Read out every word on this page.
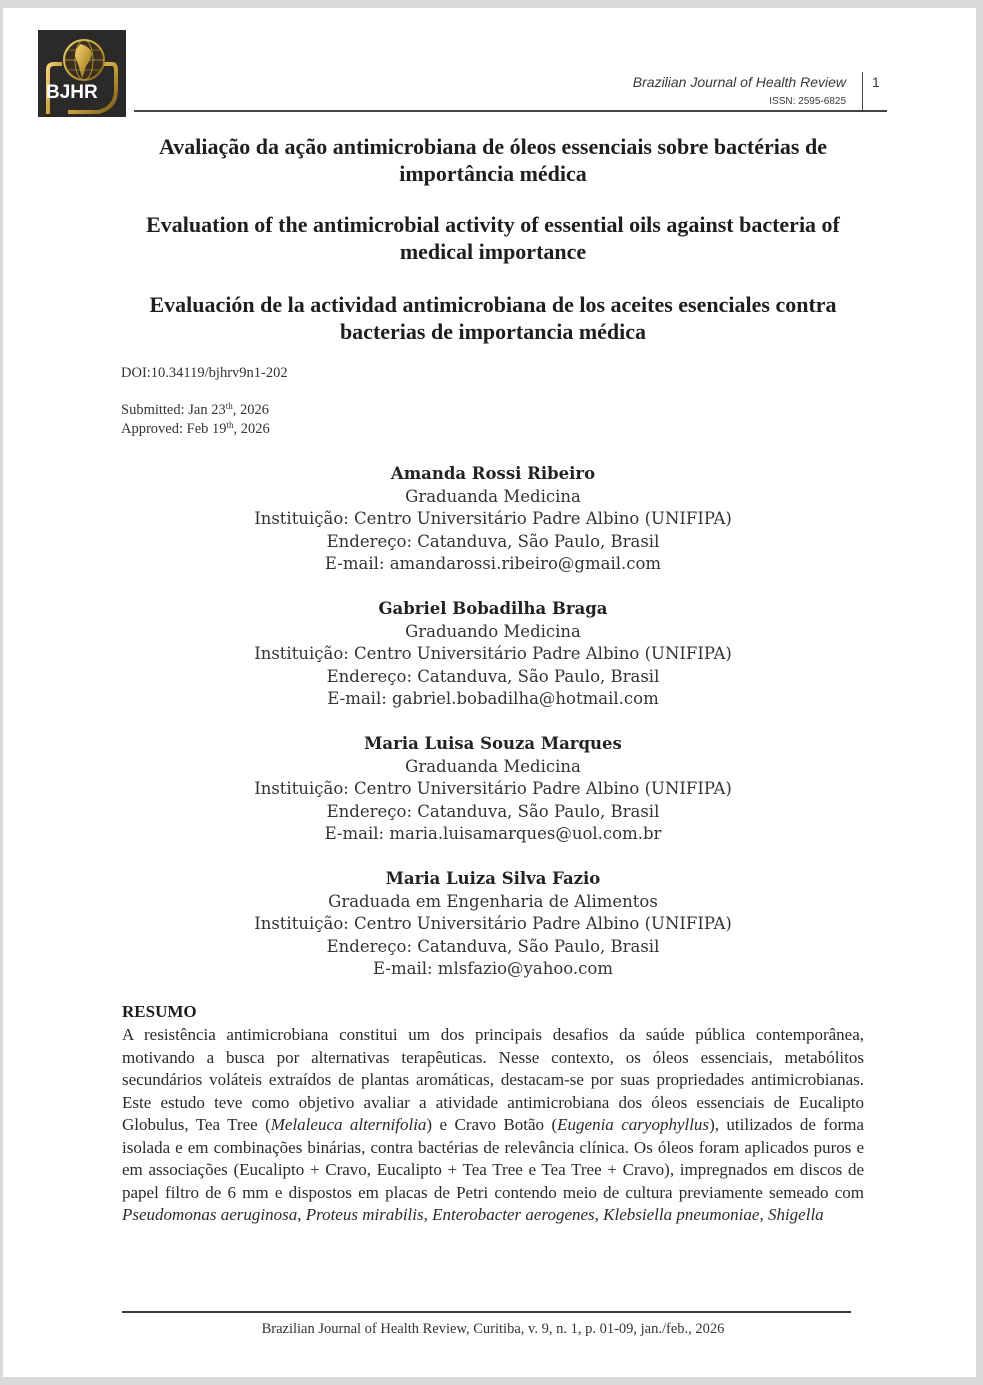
BJHR	Brazilian Journal of Health Review
ISSN: 2595-6825
1
Avaliação da ação antimicrobiana de óleos essenciais sobre bactérias de importância médica
Evaluation of the antimicrobial activity of essential oils against bacteria of medical importance
Evaluación de la actividad antimicrobiana de los aceites esenciales contra bacterias de importancia médica
DOI:10.34119/bjhrv9n1-202
Submitted: Jan 23th, 2026
Approved: Feb 19th, 2026
Amanda Rossi Ribeiro
Graduanda Medicina
Instituição: Centro Universitário Padre Albino (UNIFIPA)
Endereço: Catanduva, São Paulo, Brasil
E-mail: amandarossi.ribeiro@gmail.com
Gabriel Bobadilha Braga
Graduando Medicina
Instituição: Centro Universitário Padre Albino (UNIFIPA)
Endereço: Catanduva, São Paulo, Brasil
E-mail: gabriel.bobadilha@hotmail.com
Maria Luisa Souza Marques
Graduanda Medicina
Instituição: Centro Universitário Padre Albino (UNIFIPA)
Endereço: Catanduva, São Paulo, Brasil
E-mail: maria.luisamarques@uol.com.br
Maria Luiza Silva Fazio
Graduada em Engenharia de Alimentos
Instituição: Centro Universitário Padre Albino (UNIFIPA)
Endereço: Catanduva, São Paulo, Brasil
E-mail: mlsfazio@yahoo.com
RESUMO
A resistência antimicrobiana constitui um dos principais desafios da saúde pública contemporânea, motivando a busca por alternativas terapêuticas. Nesse contexto, os óleos essenciais, metabólitos secundários voláteis extraídos de plantas aromáticas, destacam-se por suas propriedades antimicrobianas. Este estudo teve como objetivo avaliar a atividade antimicrobiana dos óleos essenciais de Eucalipto Globulus, Tea Tree (Melaleuca alternifolia) e Cravo Botão (Eugenia caryophyllus), utilizados de forma isolada e em combinações binárias, contra bactérias de relevância clínica. Os óleos foram aplicados puros e em associações (Eucalipto + Cravo, Eucalipto + Tea Tree e Tea Tree + Cravo), impregnados em discos de papel filtro de 6 mm e dispostos em placas de Petri contendo meio de cultura previamente semeado com Pseudomonas aeruginosa, Proteus mirabilis, Enterobacter aerogenes, Klebsiella pneumoniae, Shigella
Brazilian Journal of Health Review, Curitiba, v. 9, n. 1, p. 01-09, jan./feb., 2026
